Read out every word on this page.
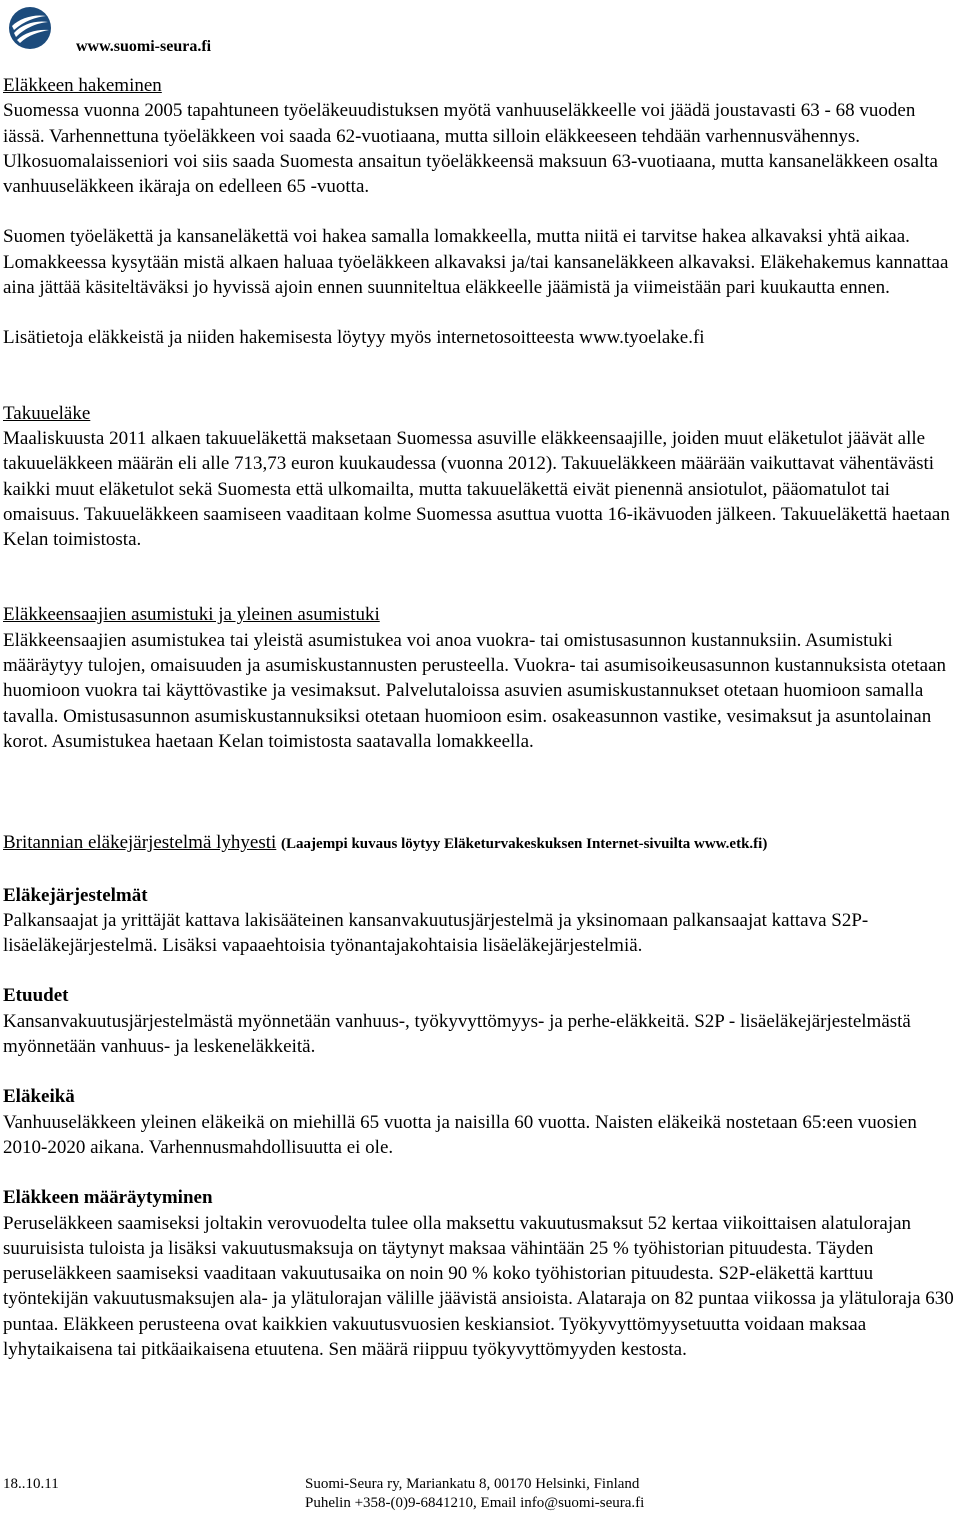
www.suomi-seura.fi

Eläkkeen hakeminen

Suomessa vuonna 2005 tapahtuneen työeläkeuudistuksen myötä vanhuuseläkkeelle voi jäädä joustavasti 63 - 68 vuoden iässä. Varhennettuna työeläkkeen voi saada 62-vuotiaana, mutta silloin eläkkeeseen tehdään varhennusvähennys. Ulkosuomalaisseniori voi siis saada Suomesta ansaitun työeläkkeensä maksuun 63-vuotiaana, mutta kansaneläkkeen osalta vanhuuseläkkeen ikäraja on edelleen 65 -vuotta.

Suomen työeläkettä ja kansaneläkettä voi hakea samalla lomakkeella, mutta niitä ei tarvitse hakea alkavaksi yhtä aikaa. Lomakkeessa kysytään mistä alkaen haluaa työeläkkeen alkavaksi ja/tai kansaneläkkeen alkavaksi. Eläkehakemus kannattaa aina jättää käsiteltäväksi jo hyvissä ajoin ennen suunniteltua eläkkeelle jäämistä ja viimeistään pari kuukautta ennen.

Lisätietoja eläkkeistä ja niiden hakemisesta löytyy myös internetosoitteesta www.tyoelake.fi

Takuueläke

Maaliskuusta 2011 alkaen takuueläkettä maksetaan Suomessa asuville eläkkeensaajille, joiden muut eläketulot jäävät alle takuueläkkeen määrän eli alle 713,73 euron kuukaudessa (vuonna 2012). Takuueläkkeen määrään vaikuttavat vähentävästi kaikki muut eläketulot sekä Suomesta että ulkomailta, mutta takuueläkettä eivät pienennä ansiotulot, pääomatulot tai omaisuus. Takuueläkkeen saamiseen vaaditaan kolme Suomessa asuttua vuotta 16-ikävuoden jälkeen. Takuueläkettä haetaan Kelan toimistosta.

Eläkkeensaajien asumistuki ja yleinen asumistuki

Eläkkeensaajien asumistukea tai yleistä asumistukea voi anoa vuokra- tai omistusasunnon kustannuksiin. Asumistuki määräytyy tulojen, omaisuuden ja asumiskustannusten perusteella. Vuokra- tai asumisoikeusasunnon kustannuksista otetaan huomioon vuokra tai käyttövastike ja vesimaksut. Palvelutaloissa asuvien asumiskustannukset otetaan huomioon samalla tavalla. Omistusasunnon asumiskustannuksiksi otetaan huomioon esim. osakeasunnon vastike, vesimaksut ja asuntolainan korot. Asumistukea haetaan Kelan toimistosta saatavalla lomakkeella.

Britannian eläkejärjestelmä lyhyesti (Laajempi kuvaus löytyy Eläketurvakeskuksen Internet-sivuilta www.etk.fi)

Eläkejärjestelmät

Palkansaajat ja yrittäjät kattava lakisääteinen kansanvakuutusjärjestelmä ja yksinomaan palkansaajat kattava S2P-lisäeläkejärjestelmä. Lisäksi vapaaehtoisia työnantajakohtaisia lisäeläkejärjestelmiä.

Etuudet

Kansanvakuutusjärjestelmästä myönnetään vanhuus-, työkyvyttömyys- ja perhe-eläkkeitä. S2P - lisäeläkejärjestelmästä myönnetään vanhuus- ja leskeneläkkeitä.

Eläkeikä

Vanhuuseläkkeen yleinen eläkeikä on miehillä 65 vuotta ja naisilla 60 vuotta. Naisten eläkeikä nostetaan 65:een vuosien 2010-2020 aikana. Varhennusmahdollisuutta ei ole.

Eläkkeen määräytyminen

Peruseläkkeen saamiseksi joltakin verovuodelta tulee olla maksettu vakuutusmaksut 52 kertaa viikoittaisen alatulorajan suuruisista tuloista ja lisäksi vakuutusmaksuja on täytynyt maksaa vähintään 25 % työhistorian pituudesta. Täyden peruseläkkeen saamiseksi vaaditaan vakuutusaika on noin 90 % koko työhistorian pituudesta. S2P-eläkettä karttuu työntekijän vakuutusmaksujen ala- ja ylätulorajan välille jäävistä ansioista. Alataraja on 82 puntaa viikossa ja ylätuloraja 630 puntaa. Eläkkeen perusteena ovat kaikkien vakuutusvuosien keskiansiot. Työkyvyttömyysetuutta voidaan maksaa lyhytaikaisena tai pitkäaikaisena etuutena. Sen määrä riippuu työkyvyttömyyden kestosta.

18..10.11	Suomi-Seura ry, Mariankatu 8, 00170 Helsinki, Finland
Puhelin +358-(0)9-6841210, Email info@suomi-seura.fi
